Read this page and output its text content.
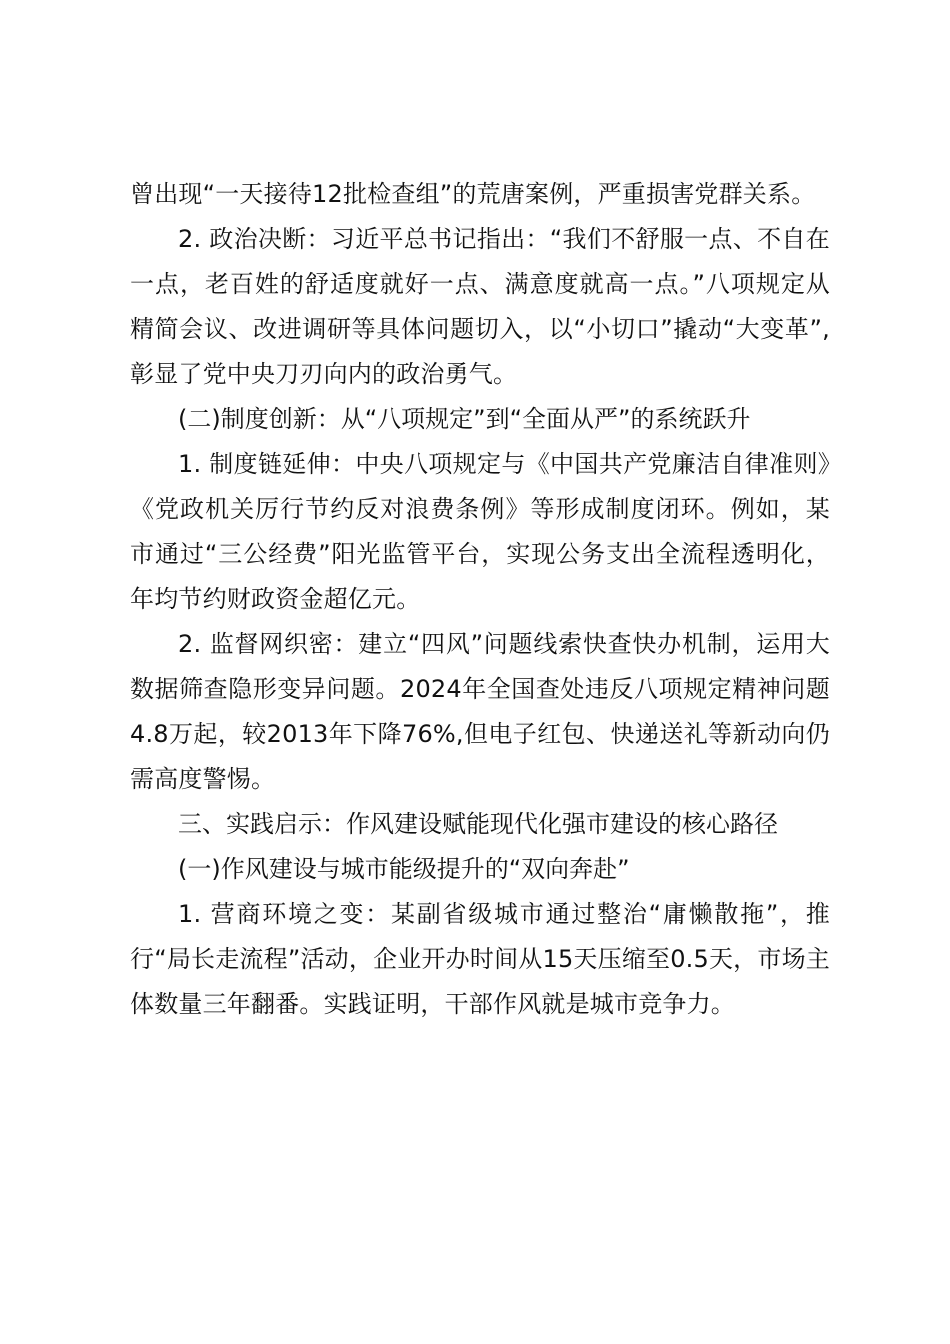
曾出现“一天接待12批检查组”的荒唐案例，严重损害党群关系。

2. 政治决断：习近平总书记指出：“我们不舒服一点、不自在一点，老百姓的舒适度就好一点、满意度就高一点。”八项规定从精简会议、改进调研等具体问题切入，以“小切口”撬动“大变革”,彰显了党中央刀刃向内的政治勇气。

(二)制度创新：从“八项规定”到“全面从严”的系统跃升

1. 制度链延伸：中央八项规定与《中国共产党廉洁自律准则》《党政机关厉行节约反对浪费条例》等形成制度闭环。例如，某市通过“三公经费”阳光监管平台，实现公务支出全流程透明化，年均节约财政资金超亿元。

2. 监督网织密：建立“四风”问题线索快查快办机制，运用大数据筛查隐形变异问题。2024年全国查处违反八项规定精神问题4.8万起，较2013年下降76%,但电子红包、快递送礼等新动向仍需高度警惕。

三、实践启示：作风建设赋能现代化强市建设的核心路径

(一)作风建设与城市能级提升的“双向奔赴”

1. 营商环境之变：某副省级城市通过整治“庸懒散拖”，推行“局长走流程”活动，企业开办时间从15天压缩至0.5天，市场主体数量三年翻番。实践证明，干部作风就是城市竞争力。
